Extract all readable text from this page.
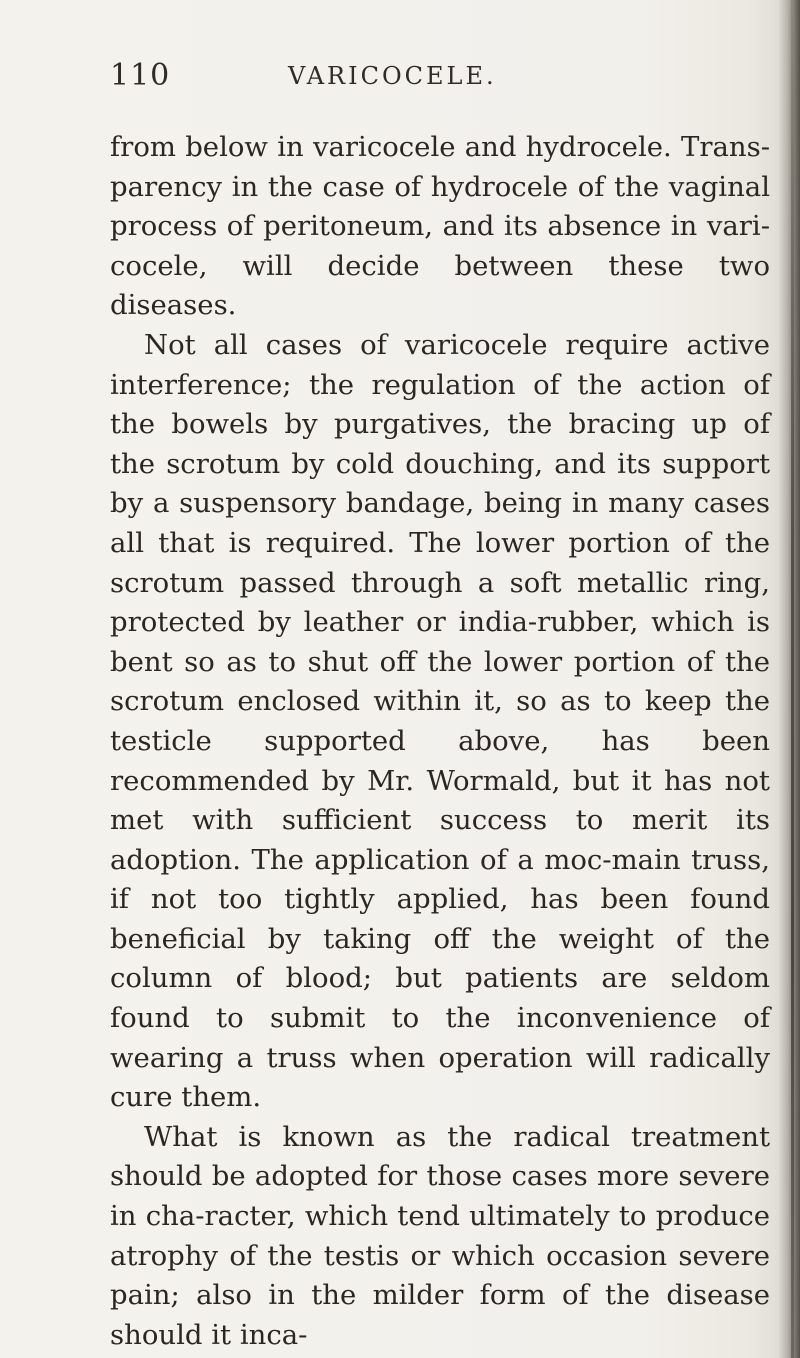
110	VARICOCELE.

from below in varicocele and hydrocele. Trans-parency in the case of hydrocele of the vaginal process of peritoneum, and its absence in vari-cocele, will decide between these two diseases.

Not all cases of varicocele require active interference; the regulation of the action of the bowels by purgatives, the bracing up of the scrotum by cold douching, and its support by a suspensory bandage, being in many cases all that is required. The lower portion of the scrotum passed through a soft metallic ring, protected by leather or india-rubber, which is bent so as to shut off the lower portion of the scrotum enclosed within it, so as to keep the testicle supported above, has been recommended by Mr. Wormald, but it has not met with sufficient success to merit its adoption. The application of a moc-main truss, if not too tightly applied, has been found beneficial by taking off the weight of the column of blood; but patients are seldom found to submit to the inconvenience of wearing a truss when operation will radically cure them.

What is known as the radical treatment should be adopted for those cases more severe in cha-racter, which tend ultimately to produce atrophy of the testis or which occasion severe pain; also in the milder form of the disease should it inca-
